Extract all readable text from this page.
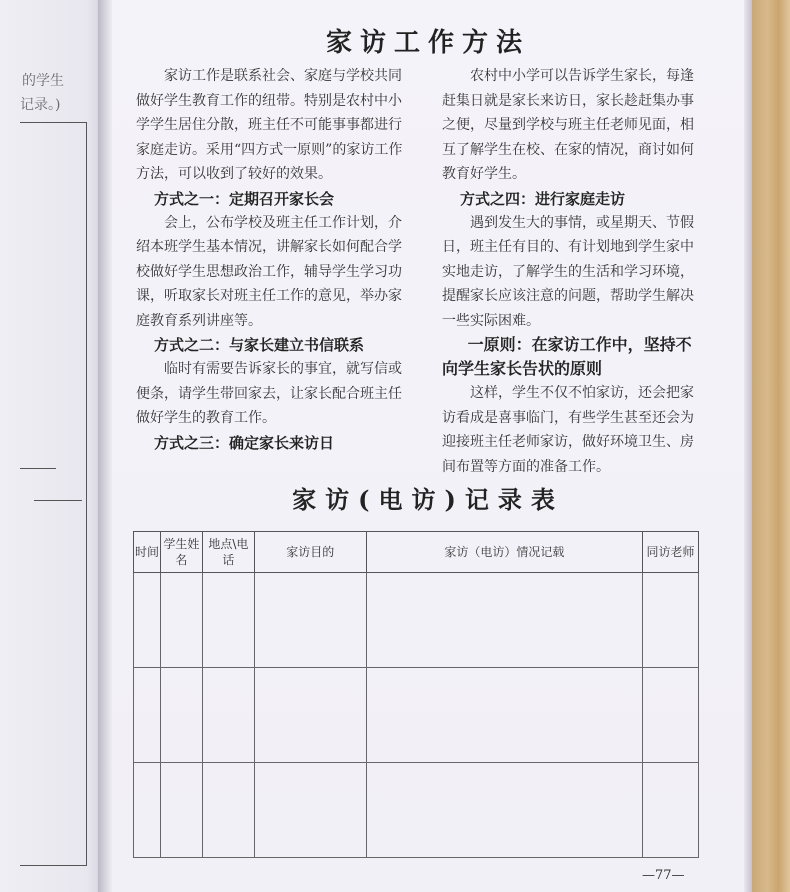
的学生
记录。)
家访工作方法

家访工作是联系社会、家庭与学校共同做好学生教育工作的纽带。特别是农村中小学学生居住分散，班主任不可能事事都进行家庭走访。采用“四方式一原则”的家访工作方法，可以收到了较好的效果。

方式之一：定期召开家长会

会上，公布学校及班主任工作计划，介绍本班学生基本情况，讲解家长如何配合学校做好学生思想政治工作，辅导学生学习功课，听取家长对班主任工作的意见，举办家庭教育系列讲座等。

方式之二：与家长建立书信联系

临时有需要告诉家长的事宜，就写信或便条，请学生带回家去，让家长配合班主任做好学生的教育工作。

方式之三：确定家长来访日

农村中小学可以告诉学生家长，每逢赶集日就是家长来访日，家长趁赶集办事之便，尽量到学校与班主任老师见面，相互了解学生在校、在家的情况，商讨如何教育好学生。

方式之四：进行家庭走访

遇到发生大的事情，或星期天、节假日，班主任有目的、有计划地到学生家中实地走访，了解学生的生活和学习环境，提醒家长应该注意的问题，帮助学生解决一些实际困难。

一原则：在家访工作中，坚持不向学生家长告状的原则

这样，学生不仅不怕家访，还会把家访看成是喜事临门，有些学生甚至还会为迎接班主任老师家访，做好环境卫生、房间布置等方面的准备工作。

家访(电访)记录表
时间	学生姓名	地点\电话	家访目的	家访（电访）情况记载	同访老师

—77—
